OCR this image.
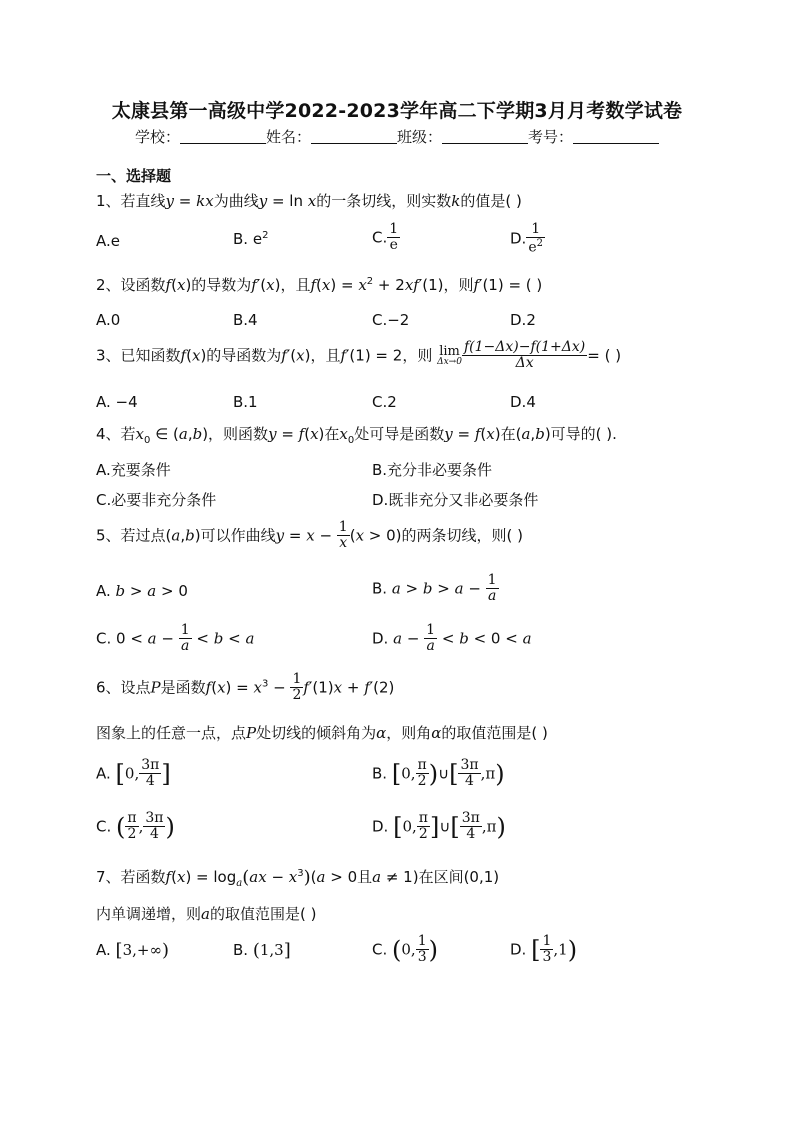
太康县第一高级中学2022-2023学年高二下学期3月月考数学试卷
学校：	姓名：	班级：	考号：
一、选择题
1、若直线y = kx为曲线y = ln x的一条切线，则实数k的值是( )
A.e	B. $e^2$	C. $\frac{1}{e}$	D. $\frac{1}{e^2}$
2、设函数f(x)的导数为f′(x)，且$f(x) = x^2 + 2xf'(1)$，则f′(1) = ( )
A.0	B.4	C.−2	D.2
3、已知函数f(x)的导函数为f′(x)，且f′(1) = 2，则 lim
$\Delta x\to 0 \frac{f(1-\Delta x)-f(1+\Delta x)}{\Delta x}$ = ( )
A. −4	B.1	C.2	D.4
4、若$x_0$ ∈ (a,b)，则函数y = f(x)在$x_0$处可导是函数y = f(x)在(a,b)可导的( ).
A.充要条件	B.充分非必要条件
C.必要非充分条件	D.既非充分又非必要条件
5、若过点(a,b)可以作曲线$y = x - \frac{1}{x} (x > 0)$的两条切线，则( )
A. b > a > 0	B. $a > b > a - \frac{1}{a}$
C. $0 < a - \frac{1}{a} < b < a$	D. $a - \frac{1}{a} < b < 0 < a$
6、设点P是函数$f(x) = x^3 - \frac{1}{2} f'(1)x + f'(2)$
图象上的任意一点，点P处切线的倾斜角为α，则角α的取值范围是( )
A. [0, $\frac{3\pi}{4}$ ]	B. [0, $\frac{\pi}{2}$ )∪[ $\frac{3\pi}{4} ,\pi$)
C. ( $\frac{\pi}{2}$ , $\frac{3\pi}{4}$ )	D. [0, $\frac{\pi}{2}$ ]∪[ $\frac{3\pi}{4} ,\pi$)
7、若函数$f(x) = \log_a(ax - x^3)(a > 0$且a ≠ 1)在区间(0,1)
内单调递增，则a的取值范围是( )
A. [3,+∞)	B. (1,3]	C. (0, $\frac{1}{3}$ )	D. [ $\frac{1}{3} ,1$)
